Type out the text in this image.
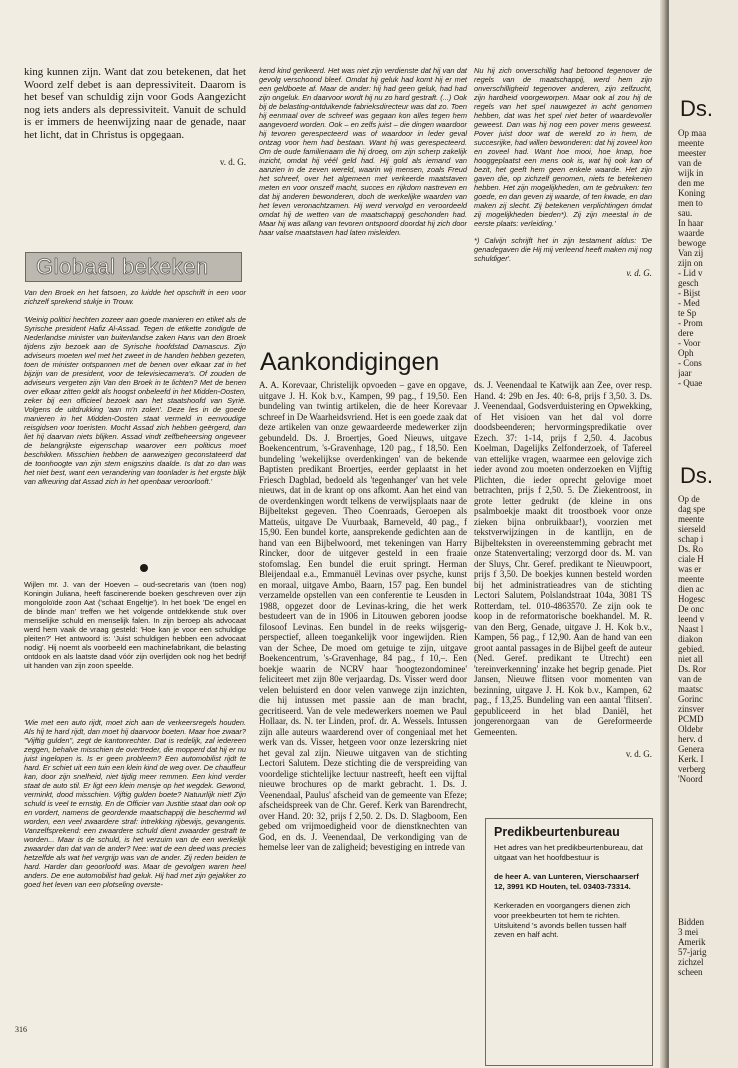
king kunnen zijn. Want dat zou betekenen, dat het Woord zelf debet is aan depressiviteit. Daarom is het besef van schuldig zijn voor Gods Aangezicht nog iets anders als depressiviteit. Vanuit de schuld is er immers de heenwijzing naar de genade, naar het licht, dat in Christus is opgegaan.

v. d. G.

Globaal bekeken

Van den Broek en het fatsoen, zo luidde het opschrift in een voor zichzelf sprekend stukje in Trouw.

'Weinig politici hechten zozeer aan goede manieren en etiket als de Syrische president Hafiz Al-Assad. Tegen de etikette zondigde de Nederlandse minister van buitenlandse zaken Hans van den Broek tijdens zijn bezoek aan de Syrische hoofdstad Damascus. Zijn adviseurs moeten wel met het zweet in de handen hebben gezeten, toen de minister ontspannen met de benen over elkaar zat in het bijzijn van de president, voor de televisiecamera's. Of zouden de adviseurs vergeten zijn Van den Broek in te lichten? Met de benen over elkaar zitten geldt als hoogst onbeleefd in het Midden-Oosten, zeker bij een officieel bezoek aan het staatshoofd van Syrië. Volgens de uitdrukking 'aan m'n zolen'. Deze les in de goede manieren in het Midden-Oosten staat vermeld in eenvoudige reisgidsen voor toeristen. Mocht Assad zich hebben geërgerd, dan liet hij daarvan niets blijken. Assad vindt zelfbeheersing ongeveer de belangrijkste eigenschap waarover een politicus moet beschikken. Misschien hebben de aanwezigen geconstateerd dat de toonhoogte van zijn stem enigszins daalde. Is dat zo dan was het niet best, want een verandering van toonlader is het ergste blijk van afkeuring dat Assad zich in het openbaar veroorlooft.'

Wijlen mr. J. van der Hoeven – oud-secretaris van (toen nog) Koningin Juliana, heeft fascinerende boeken geschreven over zijn mongoloïde zoon Aat ('schaat Engeltje'). In het boek 'De engel en de blinde man' treffen we het volgende ontdekkende stuk over menselijke schuld en menselijk falen. In zijn beroep als advocaat werd hem vaak de vraag gesteld: 'Hoe kan je voor een schuldige pleiten?' Het antwoord is: 'Juist schuldigen hebben een advocaat nodig'. Hij noemt als voorbeeld een machinefabrikant, die belasting ontdook en als laatste daad vóór zijn overlijden ook nog het bedrijf uit handen van zijn zoon speelde.

'Wie met een auto rijdt, moet zich aan de verkeersregels houden. Als hij te hard rijdt, dan moet hij daarvoor boeten. Maar hoe zwaar? "Vijftig gulden", zegt de kantonrechter. Dat is redelijk, zal iedereen zeggen, behalve misschien de overtreder, die mopperd dat hij er nu juist ingelopen is. Is er geen probleem? Een automobilist rijdt te hard. Er schiet uit een tuin een klein kind de weg over. De chauffeur kan, door zijn snelheid, niet tijdig meer remmen. Een kind verder staat de auto stil. Er ligt een klein mensje op het wegdek. Gewond, verminkt, dood misschien. Vijftig gulden boete? Natuurlijk niet! Zijn schuld is veel te ernstig. En de Officier van Justitie staat dan ook op en vordert, namens de geordende maatschappij die beschermd wil worden, een veel zwaardere straf: intrekking rijbewijs, gevangenis. Vanzelfsprekend: een zwaardere schuld dient zwaarder gestraft te worden... Maar is de schuld, is het verzuim van de een werkelijk zwaarder dan dat van de ander? Nee: wat de een deed was precies hetzelfde als wat het vergrijp was van de ander. Zij reden beiden te hard. Harder dan geoorloofd was. Maar de gevolgen waren heel anders. De ene automobilist had geluk. Hij had met zijn gejakker zo goed het leven van een plotseling overste-

kend kind gerikeerd. Het was niet zijn verdienste dat hij van dat gevolg verschoond bleef. Omdat hij geluk had komt hij er met een geldboete af. Maar de ander: hij had geen geluk, had had zijn ongeluk. En daarvoor wordt hij nu zo hard gestraft. (...) Ook bij de belasting-ontduikende fabrieksdirecteur was dat zo. Toen hij eenmaal over de schreef was gegaan kon alles tegen hem aangevoerd worden. Ook – en zelfs juist – die dingen waardoor hij tevoren gerespecteerd was of waardoor in leder geval ontzag voor hem had bestaan. Want hij was gerespecteerd. Om de oude familienaam die hij droeg, om zijn scherp zakelijk inzicht, omdat hij véél geld had. Hij gold als iemand van aanzien in de zeven wereld, waarin wij mensen, zoals Freud het schreef, over het algemeen met verkeerde maatstaven meten en voor onszelf macht, succes en rijkdom nastreven en dat bij anderen bewonderen, doch de werkelijke waarden van het leven veronachtzamen. Hij werd vervolgd en veroordeeld omdat hij de wetten van de maatschappij geschonden had. Maar hij was allang van tevoren ontspoord doordat hij zich door haar valse maatstaven had laten misleiden.

Nu hij zich onverschillig had betoond tegenover de regels van de maatschappij, werd hem zijn onverschilligheid tegenover anderen, zijn zelfzucht, zijn hardheid voorgeworpen. Maar ook al zou hij de regels van het spel nauwgezet in acht genomen hebben, dat was het spel niet beter of waardevoller geweest. Dan was hij nog een pover mens geweest. Pover juist door wat de wereld zo in hem, de succesrijke, had willen bewonderen: dat hij zoveel kon en zoveel had. Want hoe mooi, hoe knap, hoe hooggeplaatst een mens ook is, wat hij ook kan of bezit, het geeft hem geen enkele waarde. Het zijn gaven die, op zichzelf genomen, niets te betekenen hebben. Het zijn mogelijkheden, om te gebruiken: ten goede, en dan geven zij waarde, of ten kwade, en dan maken zij slecht. Zij betekenen verplichtingen ómdat zij mogelijkheden bieden*). Zij zijn meestal in de eerste plaats: verleiding.'

*) Calvijn schrijft het in zijn testament aldus: 'De genadegaven die Hij mij verleend heeft maken mij nog schuldiger'.

v. d. G.

Aankondigingen

A. A. Korevaar, Christelijk opvoeden – gave en opgave, uitgave J. H. Kok b.v., Kampen, 99 pag., f 19,50. Een bundeling van twintig artikelen, die de heer Korevaar schreef in De Waarheidsvriend. Het is een goede zaak dat deze artikelen van onze gewaardeerde medewerker zijn gebundeld. Ds. J. Broertjes, Goed Nieuws, uitgave Boekencentrum, 's-Gravenhage, 120 pag., f 18,50. Een bundeling 'wekelijkse overdenkingen' van de bekende Baptisten predikant Broertjes, eerder geplaatst in het Friesch Dagblad, bedoeld als 'tegenhanger' van het vele nieuws, dat in de krant op ons afkomt. Aan het eind van de overdenkingen wordt telkens de verwijsplaats naar de Bijbeltekst gegeven. Theo Coenraads, Geroepen als Matteüs, uitgave De Vuurbaak, Barneveld, 40 pag., f 15,90. Een bundel korte, aansprekende gedichten aan de hand van een Bijbelwoord, met tekeningen van Harry Rincker, door de uitgever gesteld in een fraaie stofomslag. Een bundel die eruit springt. Herman Bleijendaal e.a., Emmanuël Levinas over psyche, kunst en moraal, uitgave Ambo, Baarn, 157 pag. Een bundel verzamelde opstellen van een conferentie te Leusden in 1988, opgezet door de Levinas-kring, die het werk bestudeert van de in 1906 in Litouwen geboren joodse filosoof Levinas. Een bundel in de reeks wijsgerig-perspectief, alleen toegankelijk voor ingewijden. Rien van der Schee, De moed om getuige te zijn, uitgave Boekencentrum, 's-Gravenhage, 84 pag., f 10,–. Een boekje waarin de NCRV haar 'hoogtezondominee' feliciteert met zijn 80e verjaardag. Ds. Visser werd door velen beluisterd en door velen vanwege zijn inzichten, die hij intussen met passie aan de man bracht, gecritiseerd. Van de vele medewerkers noemen we Paul Hollaar, ds. N. ter Linden, prof. dr. A. Wessels. Intussen zijn alle auteurs waarderend over of congeniaal met het werk van ds. Visser, hetgeen voor onze lezerskring niet het geval zal zijn. Nieuwe uitgaven van de stichting Lectori Salutem. Deze stichting die de verspreiding van voordelige stichtelijke lectuur nastreeft, heeft een vijftal nieuwe brochures op de markt gebracht. 1. Ds. J. Veenendaal, Paulus' afscheid van de gemeente van Efeze; afscheidspreek van de Chr. Geref. Kerk van Barendrecht, over Hand. 20: 32, prijs f 2,50. 2. Ds. D. Slagboom, Een gebed om vrijmoedigheid voor de dienstknechten van God, en ds. J. Veenendaal, De verkondiging van de hemelse leer van de zaligheid; bevestiging en intrede van

ds. J. Veenendaal te Katwijk aan Zee, over resp. Hand. 4: 29b en Jes. 40: 6-8, prijs f 3,50. 3. Ds. J. Veenendaal, Godsverduistering en Opwekking, of Het visioen van het dal vol dorre doodsbeenderen; hervormingspredikatie over Ezech. 37: 1-14, prijs f 2,50. 4. Jacobus Koelman, Dagelijks Zelfonderzoek, of Tafereel van ettelijke vragen, waarmee een gelovige zich ieder avond zou moeten onderzoeken en Vijftig Plichten, die ieder oprecht gelovige moet betrachten, prijs f 2,50. 5. De Ziekentroost, in grote letter gedrukt (de kleine in ons psalmboekje maakt dit troostboek voor onze zieken bijna onbruikbaar!), voorzien met tekstverwijzingen in de kantlijn, en de Bijbelteksten in overeenstemming gebracht met onze Statenvertaling; verzorgd door ds. M. van der Sluys, Chr. Geref. predikant te Nieuwpoort, prijs f 3,50. De boekjes kunnen besteld worden bij het administratieadres van de stichting Lectori Salutem, Polslandstraat 104a, 3081 TS Rotterdam, tel. 010-4863570. Ze zijn ook te koop in de reformatorische boekhandel. M. R. van den Berg, Genade, uitgave J. H. Kok b.v., Kampen, 56 pag., f 12,90. Aan de hand van een groot aantal passages in de Bijbel geeft de auteur (Ned. Geref. predikant te Utrecht) een 'tereinverkenning' inzake het begrip genade. Piet Jansen, Nieuwe flitsen voor momenten van bezinning, uitgave J. H. Kok b.v., Kampen, 62 pag., f 13,25. Bundeling van een aantal 'flitsen'. gepubliceerd in het blad Daniël, het jongerenorgaan van de Gereformeerde Gemeenten.

v. d. G.

Predikbeurtenbureau

Het adres van het predikbeurtenbureau, dat uitgaat van het hoofdbestuur is

de heer A. van Lunteren, Vierschaarserf 12, 3991 KD Houten, tel. 03403-73314.

Kerkeraden en voorgangers dienen zich voor preekbeurten tot hem te richten. Uitsluitend 's avonds bellen tussen half zeven en half acht.

316
Ds.
Op maa
meente
meester
van de
wijk in
den me
Koning
men to
sau.
In haar
waarde
bewoge
Van zij
zijn on
- Lid v
gesch
- Bijst
- Med
te Sp
- Prom
dere
- Voor
Oph
- Cons
jaar
- Quae
Ds.
Op de
dag spe
meente
sierseld
schap i
Ds. Ro
ciale H
was er
meente
dien ac
Hogesc
De onc
leend v
Naast l
diakon
gebied.
niet all
Ds. Ror
van de
maatsc
Gorinc
zinsver
PCMD
Oldebr
herv. d
Genera
Kerk. I
verberg
'Noord
Bidden
3 mei
Amerik
57-jarig
zichzel
scheen
